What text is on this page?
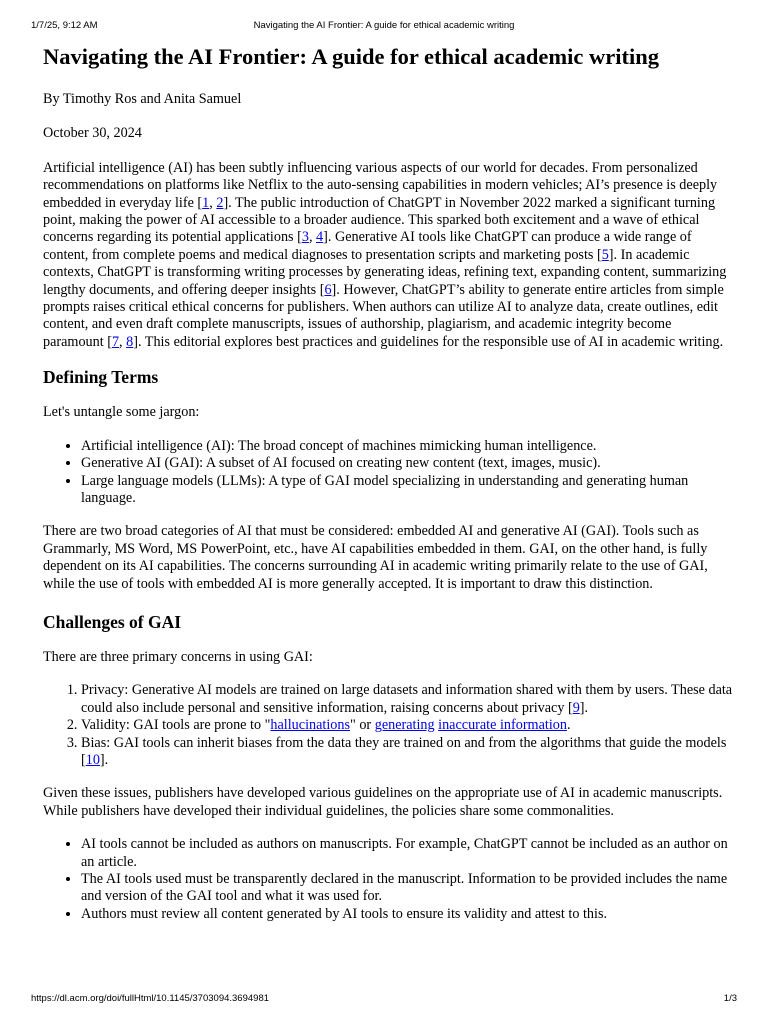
1/7/25, 9:12 AM	Navigating the AI Frontier: A guide for ethical academic writing
Navigating the AI Frontier: A guide for ethical academic writing

By Timothy Ros and Anita Samuel

October 30, 2024

Artificial intelligence (AI) has been subtly influencing various aspects of our world for decades. From personalized recommendations on platforms like Netflix to the auto-sensing capabilities in modern vehicles; AI’s presence is deeply embedded in everyday life [1, 2]. The public introduction of ChatGPT in November 2022 marked a significant turning point, making the power of AI accessible to a broader audience. This sparked both excitement and a wave of ethical concerns regarding its potential applications [3, 4]. Generative AI tools like ChatGPT can produce a wide range of content, from complete poems and medical diagnoses to presentation scripts and marketing posts [5]. In academic contexts, ChatGPT is transforming writing processes by generating ideas, refining text, expanding content, summarizing lengthy documents, and offering deeper insights [6]. However, ChatGPT’s ability to generate entire articles from simple prompts raises critical ethical concerns for publishers. When authors can utilize AI to analyze data, create outlines, edit content, and even draft complete manuscripts, issues of authorship, plagiarism, and academic integrity become paramount [7, 8]. This editorial explores best practices and guidelines for the responsible use of AI in academic writing.

Defining Terms

Let's untangle some jargon:

• Artificial intelligence (AI): The broad concept of machines mimicking human intelligence.
• Generative AI (GAI): A subset of AI focused on creating new content (text, images, music).
• Large language models (LLMs): A type of GAI model specializing in understanding and generating human language.

There are two broad categories of AI that must be considered: embedded AI and generative AI (GAI). Tools such as Grammarly, MS Word, MS PowerPoint, etc., have AI capabilities embedded in them. GAI, on the other hand, is fully dependent on its AI capabilities. The concerns surrounding AI in academic writing primarily relate to the use of GAI, while the use of tools with embedded AI is more generally accepted. It is important to draw this distinction.

Challenges of GAI

There are three primary concerns in using GAI:

1. Privacy: Generative AI models are trained on large datasets and information shared with them by users. These data could also include personal and sensitive information, raising concerns about privacy [9].
2. Validity: GAI tools are prone to "hallucinations" or generating inaccurate information.
3. Bias: GAI tools can inherit biases from the data they are trained on and from the algorithms that guide the models [10].

Given these issues, publishers have developed various guidelines on the appropriate use of AI in academic manuscripts. While publishers have developed their individual guidelines, the policies share some commonalities.

• AI tools cannot be included as authors on manuscripts. For example, ChatGPT cannot be included as an author on an article.
• The AI tools used must be transparently declared in the manuscript. Information to be provided includes the name and version of the GAI tool and what it was used for.
• Authors must review all content generated by AI tools to ensure its validity and attest to this.
https://dl.acm.org/doi/fullHtml/10.1145/3703094.3694981	1/3
